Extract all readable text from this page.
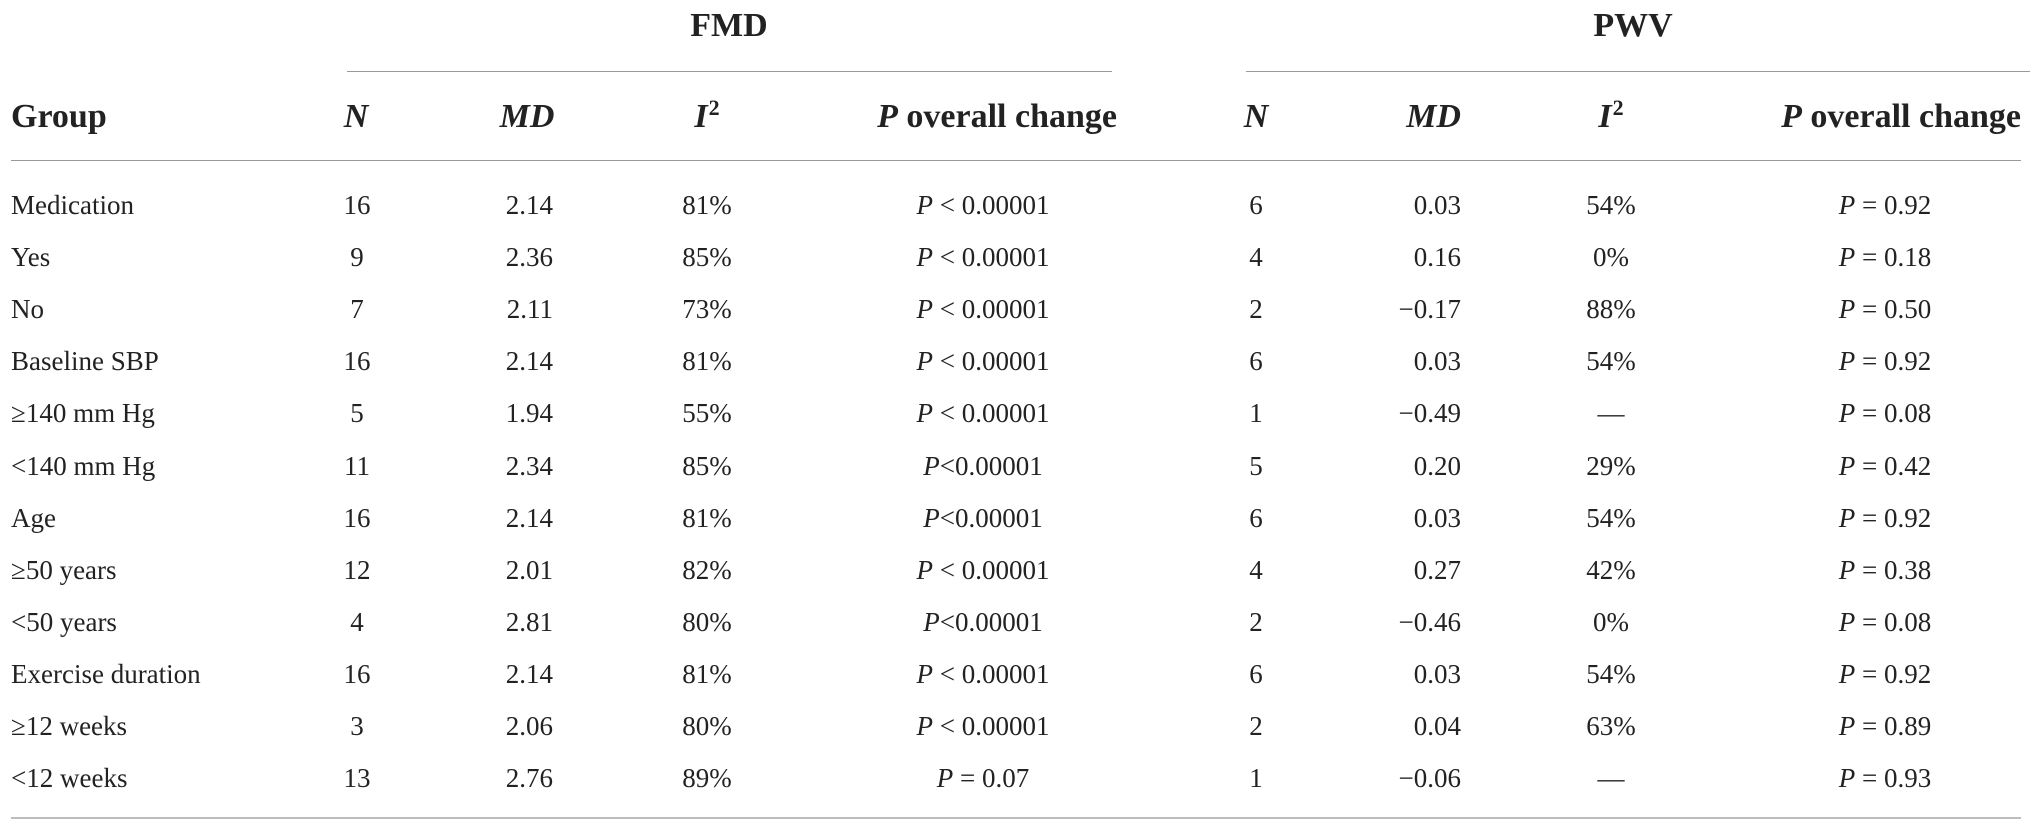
FMD	PWV
Group	N	MD	$I^2$	P overall change	N	MD	$I^2$	P overall change
Medication	16	2.14	81%	P < 0.00001	6	0.03	54%	P = 0.92
Yes	9	2.36	85%	P < 0.00001	4	0.16	0%	P = 0.18
No	7	2.11	73%	P < 0.00001	2	−0.17	88%	P = 0.50
Baseline SBP	16	2.14	81%	P < 0.00001	6	0.03	54%	P = 0.92
≥140 mm Hg	5	1.94	55%	P < 0.00001	1	−0.49	—	P = 0.08
<140 mm Hg	11	2.34	85%	P<0.00001	5	0.20	29%	P = 0.42
Age	16	2.14	81%	P<0.00001	6	0.03	54%	P = 0.92
≥50 years	12	2.01	82%	P < 0.00001	4	0.27	42%	P = 0.38
<50 years	4	2.81	80%	P<0.00001	2	−0.46	0%	P = 0.08
Exercise duration	16	2.14	81%	P < 0.00001	6	0.03	54%	P = 0.92
≥12 weeks	3	2.06	80%	P < 0.00001	2	0.04	63%	P = 0.89
<12 weeks	13	2.76	89%	P = 0.07	1	−0.06	—	P = 0.93
